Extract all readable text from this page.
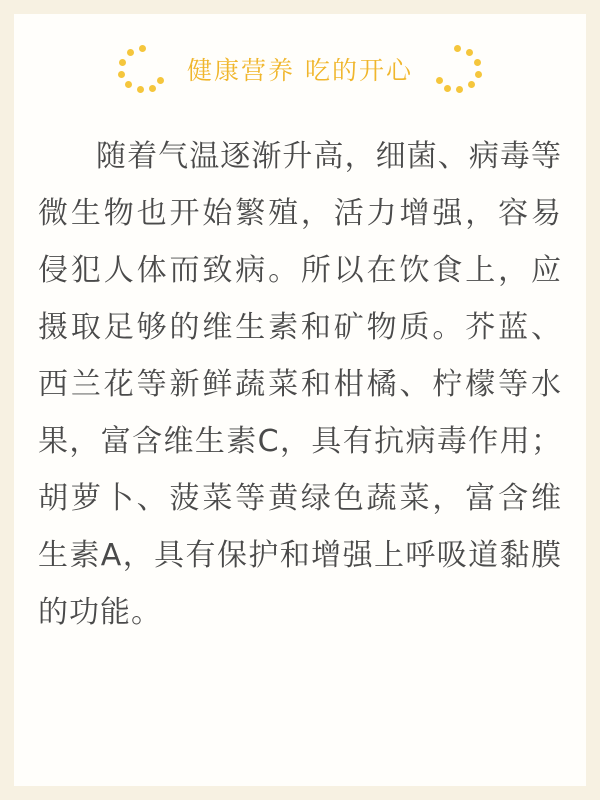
健康营养 吃的开心
随着气温逐渐升高，细菌、病毒等微生物也开始繁殖，活力增强，容易侵犯人体而致病。所以在饮食上，应摄取足够的维生素和矿物质。芥蓝、西兰花等新鲜蔬菜和柑橘、柠檬等水果，富含维生素C，具有抗病毒作用；胡萝卜、菠菜等黄绿色蔬菜，富含维生素A，具有保护和增强上呼吸道黏膜的功能。
